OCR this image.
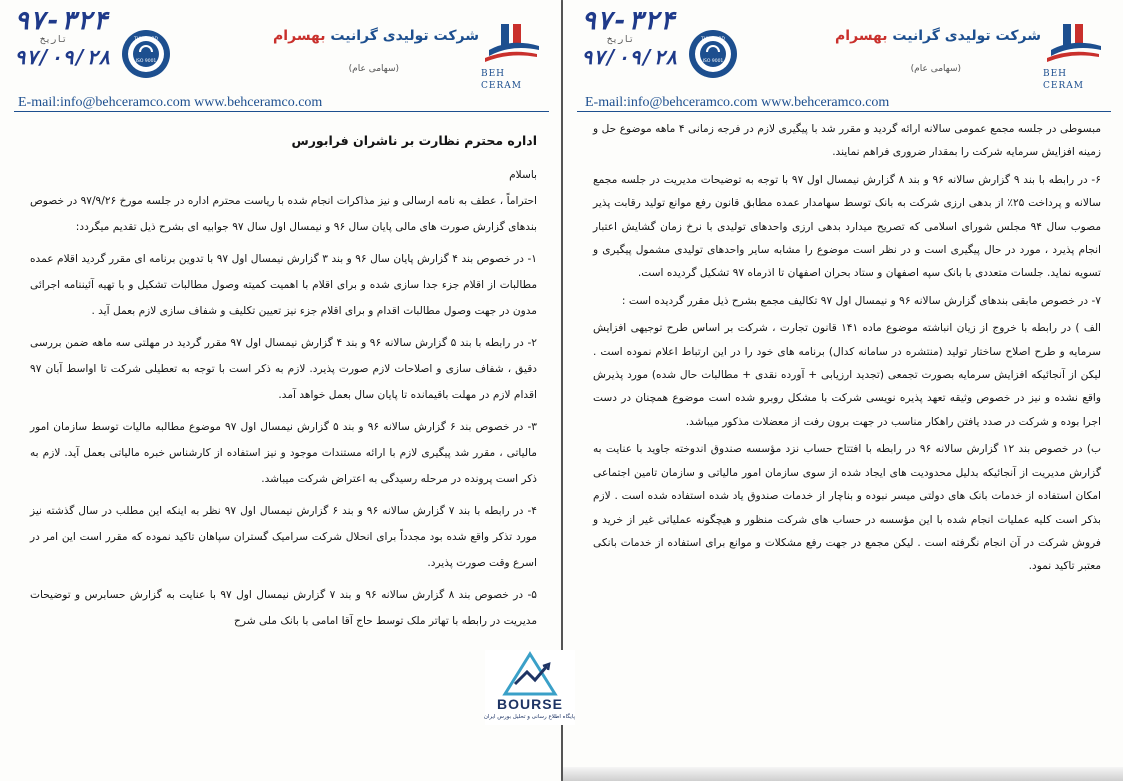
۹۷-۳۲۴
تاریخ
۹۷/۰۹/۲۸
TUV NORD
ISO 9001
شرکت تولیدی گرانیت بهسرام
(سهامی عام)	BEH
CERAM
E-mail:info@behceramco.com www.behceramco.com

اداره محترم نظارت بر ناشران فرابورس

باسلام

احتراماً ، عطف به نامه ارسالی و نیز مذاکرات انجام شده با ریاست محترم اداره در جلسه مورخ ۹۷/۹/۲۶ در خصوص بندهای گزارش صورت های مالی پایان سال ۹۶ و نیمسال اول سال ۹۷ جوابیه ای بشرح ذیل تقدیم میگردد:

۱- در خصوص بند ۴ گزارش پایان سال ۹۶ و بند ۳ گزارش نیمسال اول ۹۷ با تدوین برنامه ای مقرر گردید اقلام عمده مطالبات از اقلام جزء جدا سازی شده و برای اقلام با اهمیت کمیته وصول مطالبات تشکیل و با تهیه آئیننامه اجرائی مدون در جهت وصول مطالبات اقدام و برای اقلام جزء نیز تعیین تکلیف و شفاف سازی لازم بعمل آید .

۲- در رابطه با بند ۵ گزارش سالانه ۹۶ و بند ۴ گزارش نیمسال اول ۹۷ مقرر گردید در مهلتی سه ماهه ضمن بررسی دقیق ، شفاف سازی و اصلاحات لازم صورت پذیرد. لازم به ذکر است با توجه به تعطیلی شرکت تا اواسط آبان ۹۷ اقدام لازم در مهلت باقیمانده تا پایان سال بعمل خواهد آمد.

۳- در خصوص بند ۶ گزارش سالانه ۹۶ و بند ۵ گزارش نیمسال اول ۹۷ موضوع مطالبه مالیات توسط سازمان امور مالیاتی ، مقرر شد پیگیری لازم با ارائه مستندات موجود و نیز استفاده از کارشناس خبره مالیاتی بعمل آید. لازم به ذکر است پرونده در مرحله رسیدگی به اعتراض شرکت میباشد.

۴- در رابطه با بند ۷ گزارش سالانه ۹۶ و بند ۶ گزارش نیمسال اول ۹۷ نظر به اینکه این مطلب در سال گذشته نیز مورد تذکر واقع شده بود مجدداً برای انحلال شرکت سرامیک گستران سپاهان تاکید نموده که مقرر است این امر در اسرع وقت صورت پذیرد.

۵- در خصوص بند ۸ گزارش سالانه ۹۶ و بند ۷ گزارش نیمسال اول ۹۷ با عنایت به گزارش حسابرس و توضیحات مدیریت در رابطه با تهاتر ملک توسط حاج آقا امامی با بانک ملی شرح

۹۷-۳۲۴
تاریخ
۹۷/۰۹/۲۸
TUV NORD
ISO 9001
شرکت تولیدی گرانیت بهسرام
(سهامی عام)	BEH
CERAM
E-mail:info@behceramco.com www.behceramco.com

مبسوطی در جلسه مجمع عمومی سالانه ارائه گردید و مقرر شد با پیگیری لازم در فرجه زمانی ۴ ماهه موضوع حل و زمینه افزایش سرمایه شرکت را بمقدار ضروری فراهم نمایند.

۶- در رابطه با بند ۹ گزارش سالانه ۹۶ و بند ۸ گزارش نیمسال اول ۹۷ با توجه به توضیحات مدیریت در جلسه مجمع سالانه و پرداخت ۲۵٪ از بدهی ارزی شرکت به بانک توسط سهامدار عمده مطابق قانون رفع موانع تولید رقابت پذیر مصوب سال ۹۴ مجلس شورای اسلامی که تصریح میدارد بدهی ارزی واحدهای تولیدی با نرخ زمان گشایش اعتبار انجام پذیرد ، مورد در حال پیگیری است و در نظر است موضوع را مشابه سایر واحدهای تولیدی مشمول پیگیری و تسویه نماید. جلسات متعددی با بانک سپه اصفهان و ستاد بحران اصفهان تا اذرماه ۹۷ تشکیل گردیده است.

۷- در خصوص مابقی بندهای گزارش سالانه ۹۶ و نیمسال اول ۹۷ تکالیف مجمع بشرح ذیل مقرر گردیده است :

الف ) در رابطه با خروج از زیان انباشته موضوع ماده ۱۴۱ قانون تجارت ، شرکت بر اساس طرح توجیهی افزایش سرمایه و طرح اصلاح ساختار تولید (منتشره در سامانه کدال) برنامه های خود را در این ارتباط اعلام نموده است . لیکن از آنجائیکه افزایش سرمایه بصورت تجمعی (تجدید ارزیابی + آورده نقدی + مطالبات حال شده) مورد پذیرش واقع نشده و نیز در خصوص وثیقه تعهد پذیره نویسی شرکت با مشکل روبرو شده است موضوع همچنان در دست اجرا بوده و شرکت در صدد یافتن راهکار مناسب در جهت برون رفت از معضلات مذکور میباشد.

ب) در خصوص بند ۱۲ گزارش سالانه ۹۶ در رابطه با افتتاح حساب نزد مؤسسه صندوق اندوخته جاوید با عنایت به گزارش مدیریت از آنجائیکه بدلیل محدودیت های ایجاد شده از سوی سازمان امور مالیاتی و سازمان تامین اجتماعی امکان استفاده از خدمات بانک های دولتی میسر نبوده و بناچار از خدمات صندوق یاد شده استفاده شده است . لازم بذکر است کلیه عملیات انجام شده با این مؤسسه در حساب های شرکت منظور و هیچگونه عملیاتی غیر از خرید و فروش شرکت در آن انجام نگرفته است . لیکن مجمع در جهت رفع مشکلات و موانع برای استفاده از خدمات بانکی معتبر تاکید نمود.

BOURSE
پایگاه اطلاع رسانی و تحلیل بورس ایران
